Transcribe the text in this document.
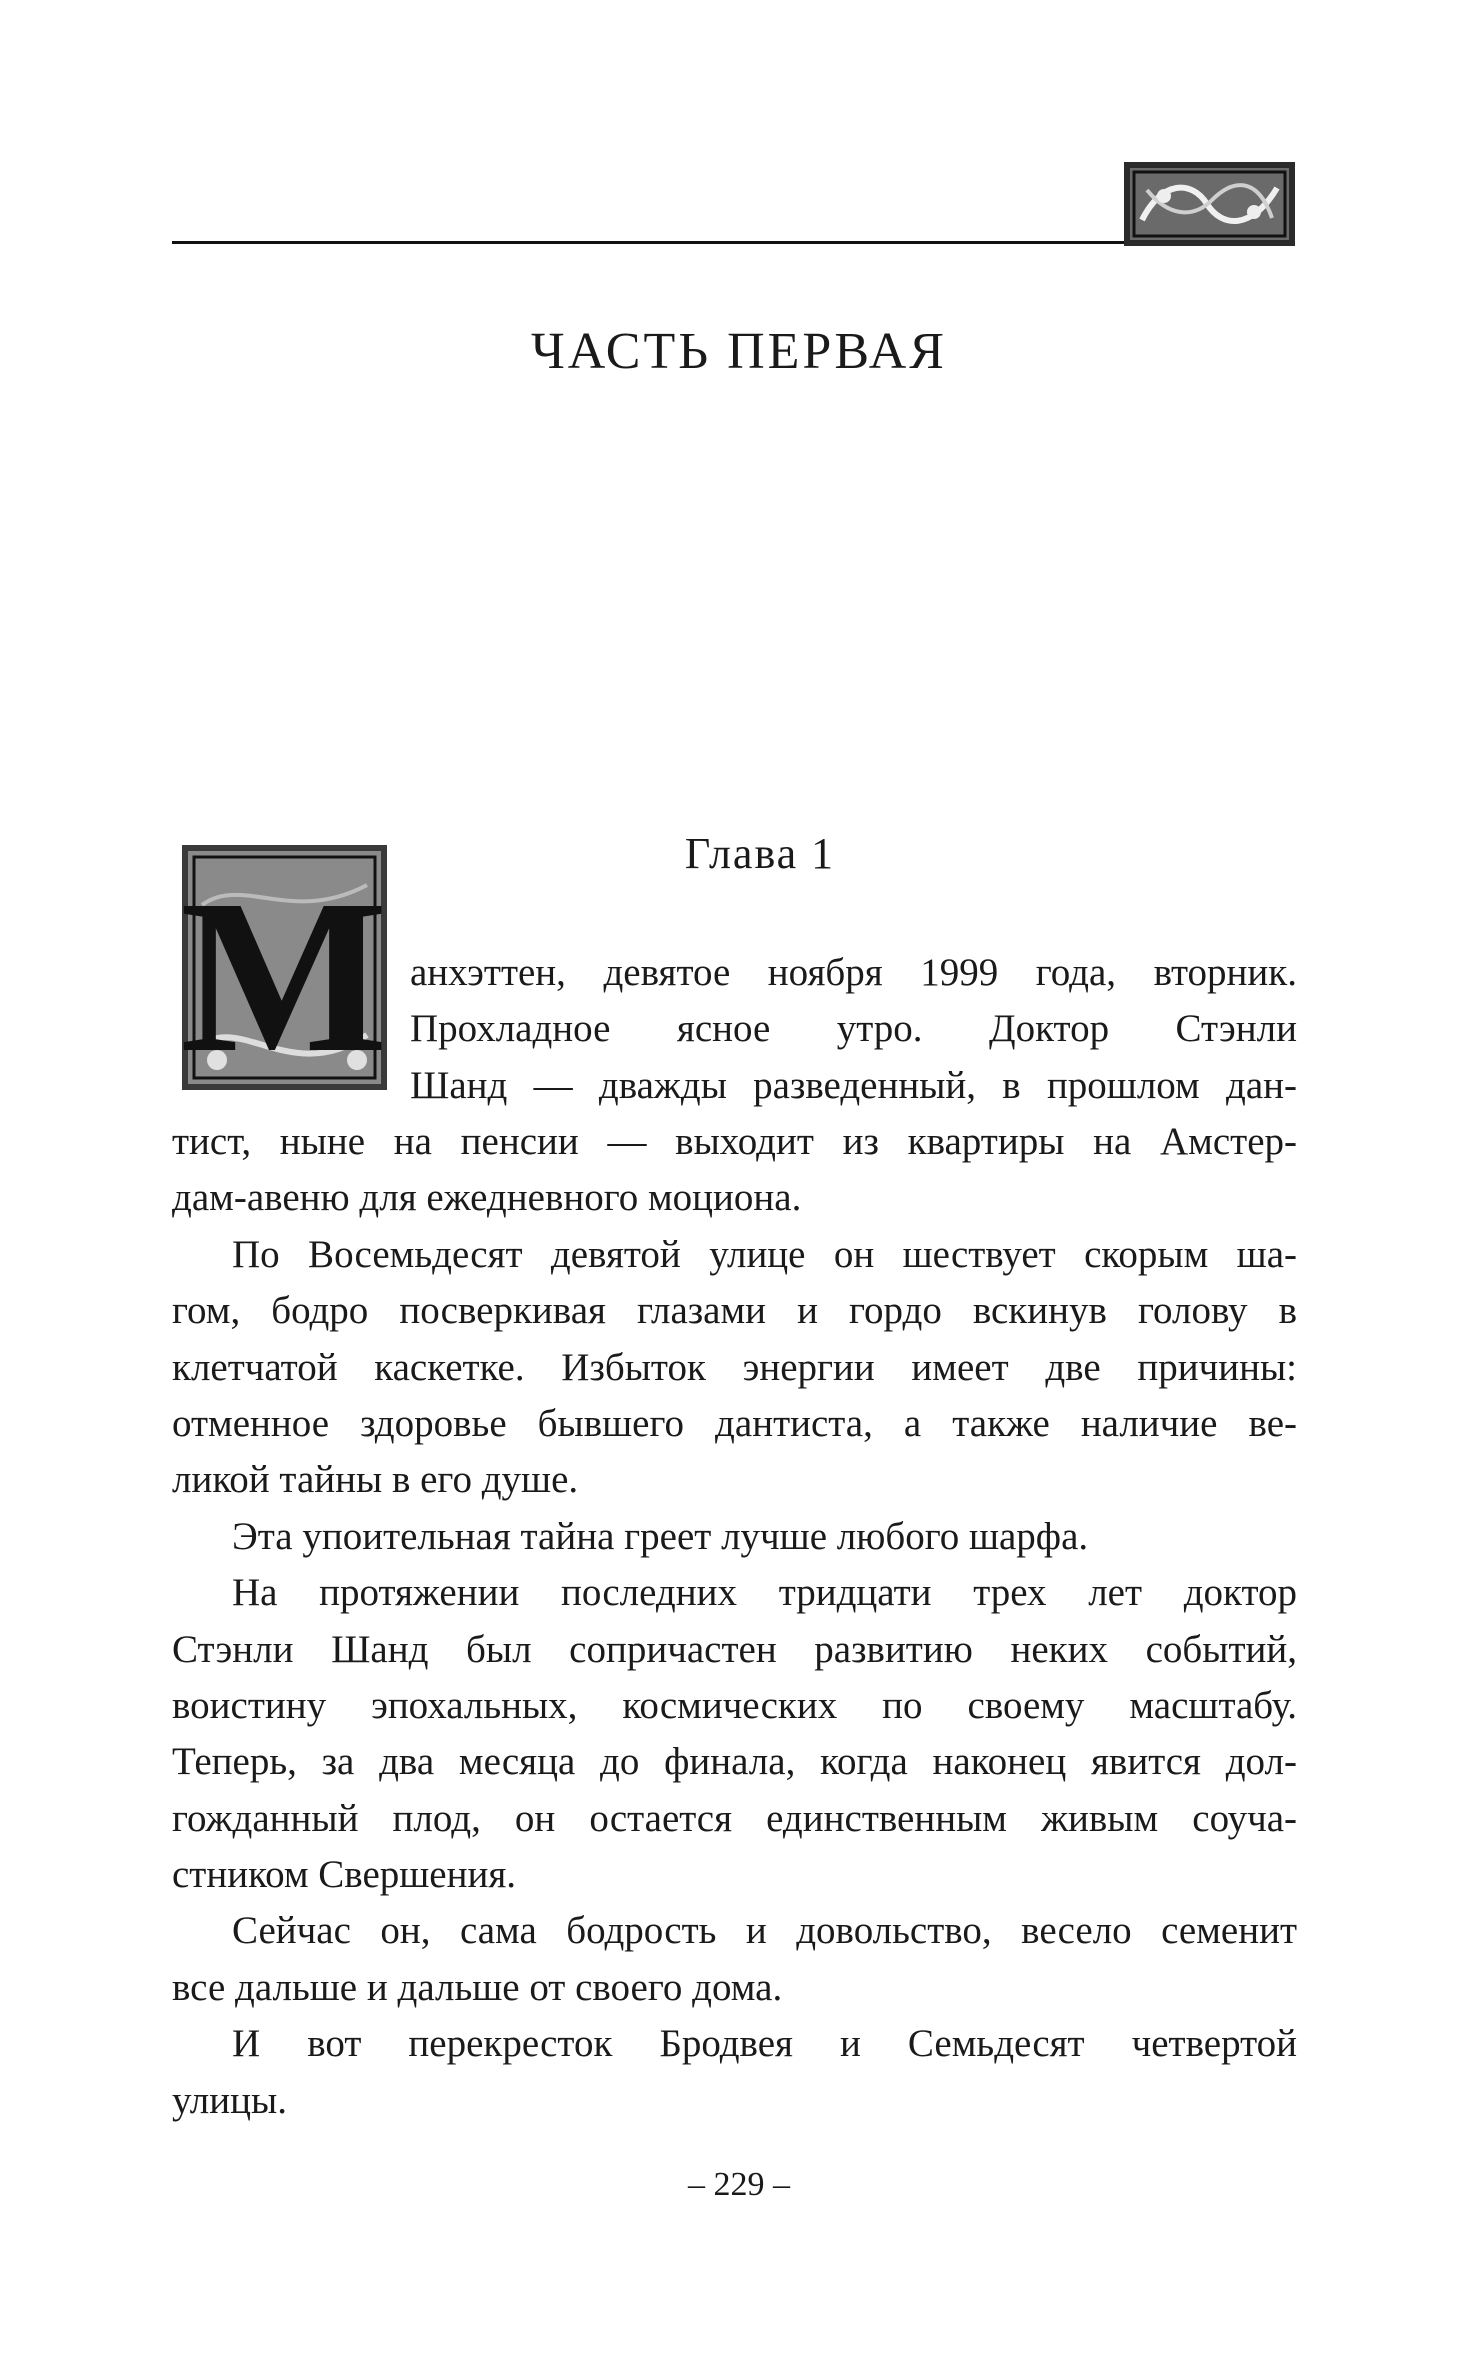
ЧАСТЬ ПЕРВАЯ
Глава 1
М анхэттен, девятое ноября 1999 года, вторник.
Прохладное ясное утро. Доктор Стэнли
Шанд — дважды разведенный, в прошлом дан-
тист, ныне на пенсии — выходит из квартиры на Амстер-
дам-авеню для ежедневного моциона.
По Восемьдесят девятой улице он шествует скорым ша-
гом, бодро посверкивая глазами и гордо вскинув голову в
клетчатой каскетке. Избыток энергии имеет две причины:
отменное здоровье бывшего дантиста, а также наличие ве-
ликой тайны в его душе.
Эта упоительная тайна греет лучше любого шарфа.
На протяжении последних тридцати трех лет доктор
Стэнли Шанд был сопричастен развитию неких событий,
воистину эпохальных, космических по своему масштабу.
Теперь, за два месяца до финала, когда наконец явится дол-
гожданный плод, он остается единственным живым соуча-
стником Свершения.
Сейчас он, сама бодрость и довольство, весело семенит
все дальше и дальше от своего дома.
И вот перекресток Бродвея и Семьдесят четвертой
улицы.
– 229 –
